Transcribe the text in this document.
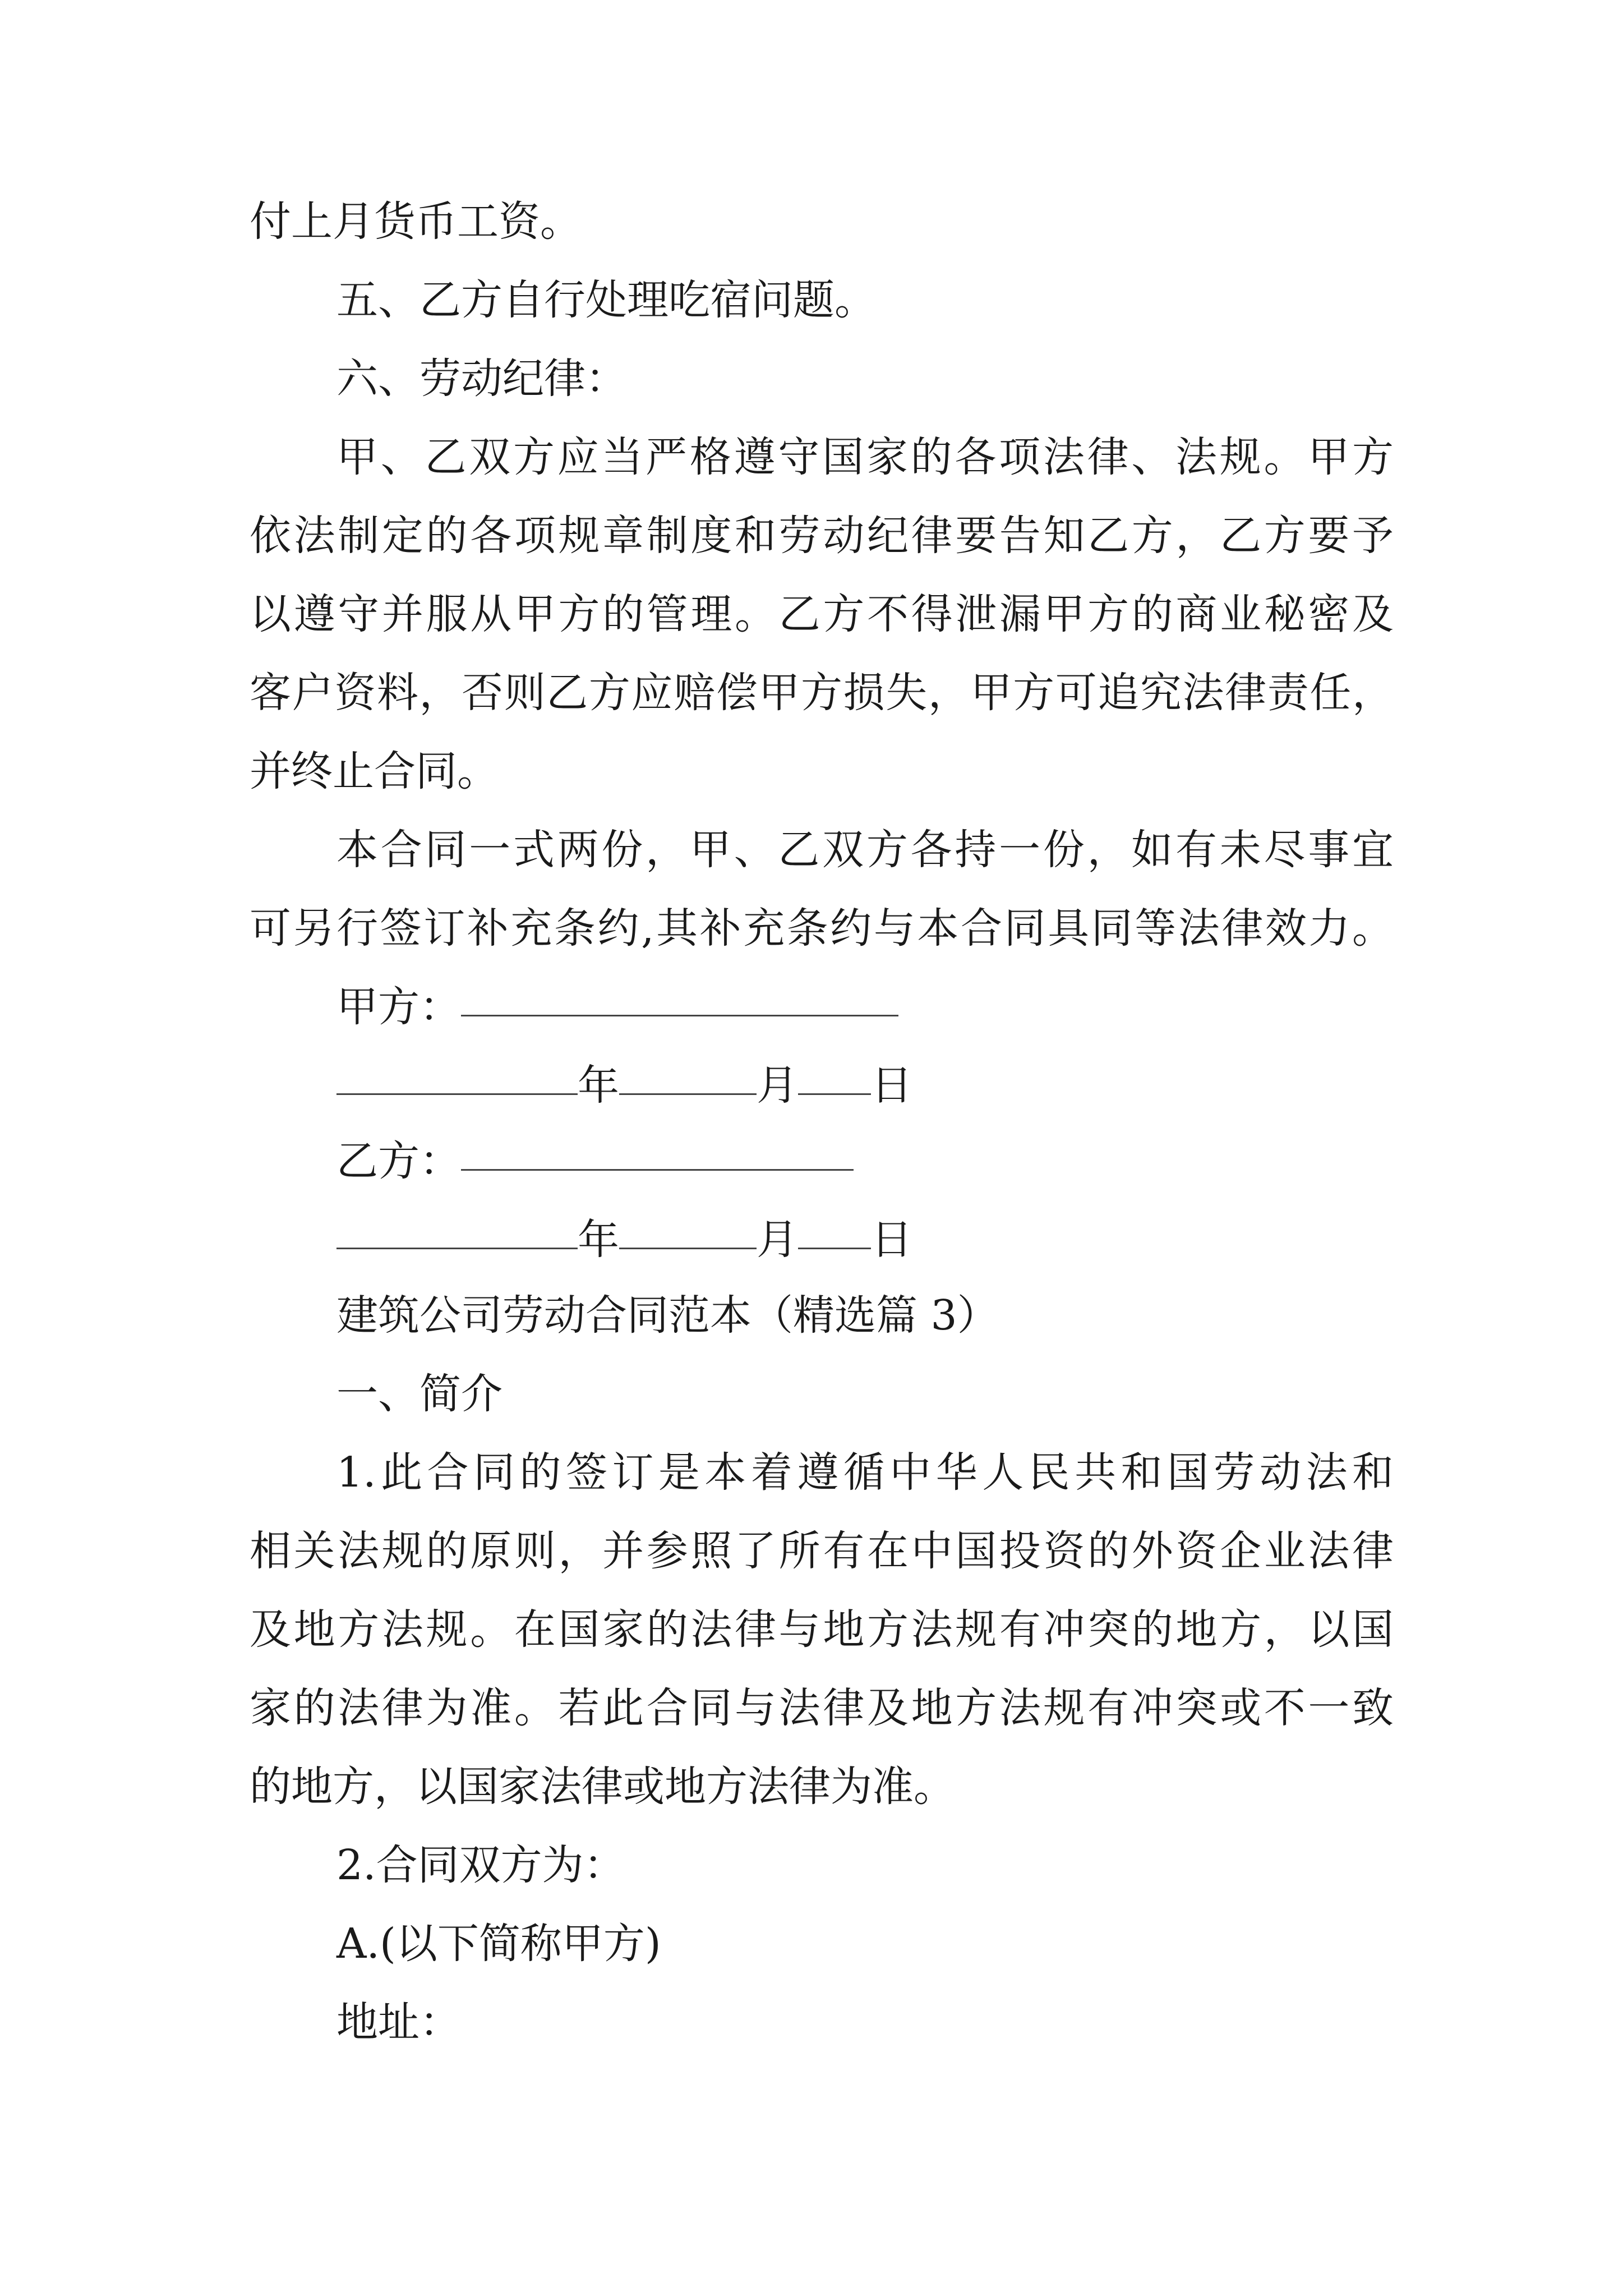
付上月货币工资。
五、乙方自行处理吃宿问题。
六、劳动纪律：
甲、乙双方应当严格遵守国家的各项法律、法规。甲方
依法制定的各项规章制度和劳动纪律要告知乙方，乙方要予
以遵守并服从甲方的管理。乙方不得泄漏甲方的商业秘密及
客户资料，否则乙方应赔偿甲方损失，甲方可追究法律责任，
并终止合同。
本合同一式两份，甲、乙双方各持一份，如有未尽事宜
可另行签订补充条约,其补充条约与本合同具同等法律效力。
甲方：
年	月 日
乙方：
年	月 日
建筑公司劳动合同范本（精选篇 3）
一、简介
1.此合同的签订是本着遵循中华人民共和国劳动法和
相关法规的原则，并参照了所有在中国投资的外资企业法律
及地方法规。在国家的法律与地方法规有冲突的地方，以国
家的法律为准。若此合同与法律及地方法规有冲突或不一致
的地方，以国家法律或地方法律为准。
2.合同双方为：
A.(以下简称甲方)
地址：
